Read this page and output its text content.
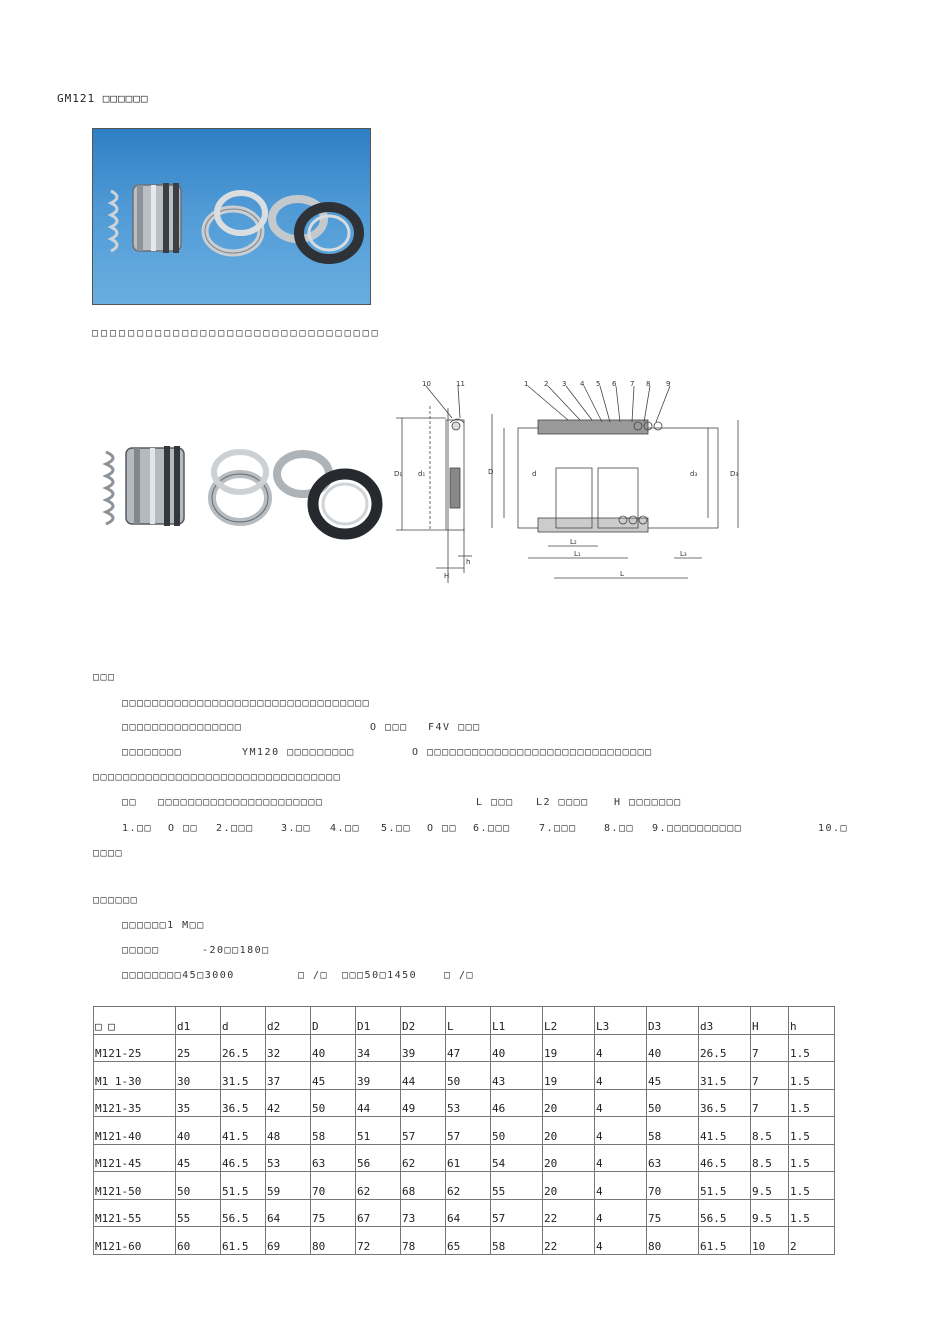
GM121 □□□□□□
□□□□□□□□□□□□□□□□□□□□□□□□□□□□□□□□
10	11	1 2 3 4 5 6 7 8 9
D
D₁ d₁	d	d₃	D₃
L₂
L₁	L₃
L
h
H
□□□
□□□□□□□□□□□□□□□□□□□□□□□□□□□□□□□□□
□□□□□□□□□□□□□□□□	O □□□ F4V □□□
□□□□□□□□	YM120 □□□□□□□□□	O □□□□□□□□□□□□□□□□□□□□□□□□□□□□□□
□□□□□□□□□□□□□□□□□□□□□□□□□□□□□□□□□
□□ □□□□□□□□□□□□□□□□□□□□□□	L □□□ L2 □□□□	H □□□□□□□
1.□□ O □□ 2.□□□	3.□□ 4.□□ 5.□□ O □□ 6.□□□	7.□□□	8.□□ 9.□□□□□□□□□□	10.□
□□□□
□□□□□□
□□□□□□1 M□□
□□□□□	-20□□180□
□□□□□□□□45□3000	□ /□ □□□50□1450	□ /□
□ □	d1	d	d2	D	D1	D2	L	L1	L2	L3	D3	d3	H	h

M121-25	25	26.5	32	40	34	39	47	40	19	4	40	26.5	7	1.5

M1 1-30	30	31.5	37	45	39	44	50	43	19	4	45	31.5	7	1.5

M121-35	35	36.5	42	50	44	49	53	46	20	4	50	36.5	7	1.5

M121-40	40	41.5	48	58	51	57	57	50	20	4	58	41.5	8.5	1.5

M121-45	45	46.5	53	63	56	62	61	54	20	4	63	46.5	8.5	1.5

M121-50	50	51.5	59	70	62	68	62	55	20	4	70	51.5	9.5	1.5

M121-55	55	56.5	64	75	67	73	64	57	22	4	75	56.5	9.5	1.5

M121-60	60	61.5	69	80	72	78	65	58	22	4	80	61.5	10	2
